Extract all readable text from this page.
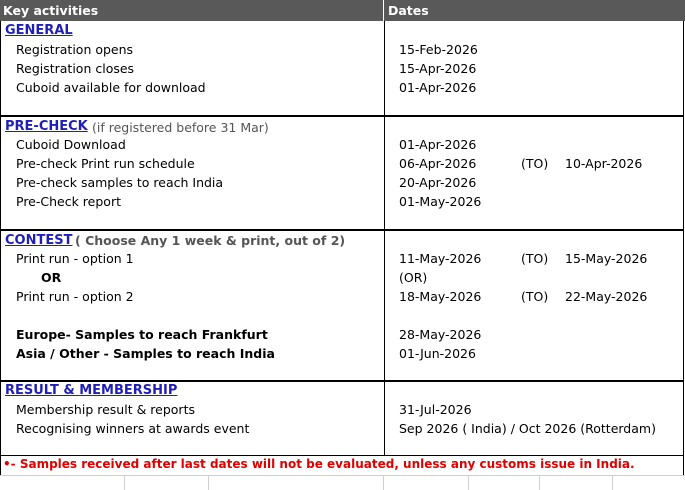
Key activities	Dates
GENERAL
Registration opens	15-Feb-2026
Registration closes	15-Apr-2026
Cuboid available for download	01-Apr-2026
PRE-CHECK (if registered before 31 Mar)
Cuboid Download	01-Apr-2026
Pre-check Print run schedule	06-Apr-2026	(TO) 10-Apr-2026
Pre-check samples to reach India	20-Apr-2026
Pre-Check report	01-May-2026
CONTEST ( Choose Any 1 week & print, out of 2)
Print run - option 1	11-May-2026	(TO) 15-May-2026
OR	(OR)
Print run - option 2	18-May-2026	(TO) 22-May-2026
Europe- Samples to reach Frankfurt	28-May-2026
Asia / Other - Samples to reach India	01-Jun-2026
RESULT & MEMBERSHIP
Membership result & reports	31-Jul-2026
Recognising winners at awards event	Sep 2026 ( India) / Oct 2026 (Rotterdam)
•- Samples received after last dates will not be evaluated, unless any customs issue in India.
